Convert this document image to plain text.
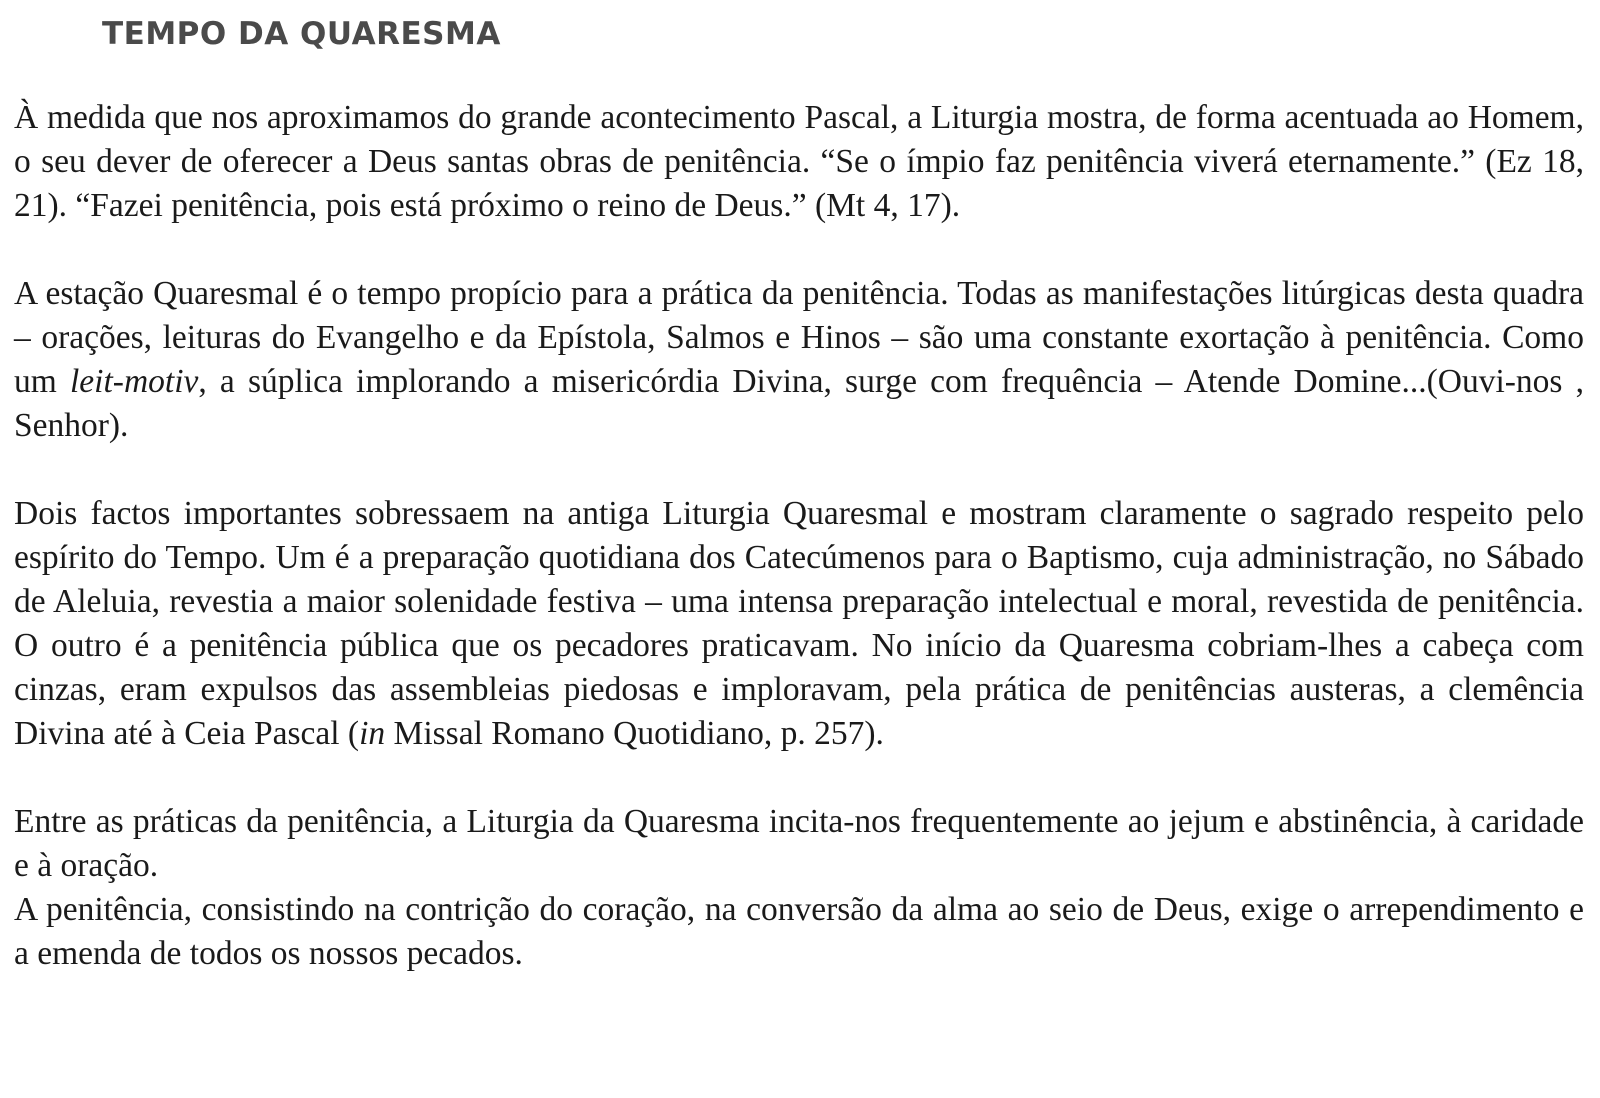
TEMPO DA QUARESMA

À medida que nos aproximamos do grande acontecimento Pascal, a Liturgia mostra, de forma acentuada ao Homem, o seu dever de oferecer a Deus santas obras de penitência. “Se o ímpio faz penitência viverá eternamente.” (Ez 18, 21). “Fazei penitência, pois está próximo o reino de Deus.” (Mt 4, 17).

A estação Quaresmal é o tempo propício para a prática da penitência. Todas as manifestações litúrgicas desta quadra – orações, leituras do Evangelho e da Epístola, Salmos e Hinos – são uma constante exortação à penitência. Como um leit-motiv, a súplica implorando a misericórdia Divina, surge com frequência – Atende Domine...(Ouvi-nos , Senhor).

Dois factos importantes sobressaem na antiga Liturgia Quaresmal e mostram claramente o sagrado respeito pelo espírito do Tempo. Um é a preparação quotidiana dos Catecúmenos para o Baptismo, cuja administração, no Sábado de Aleluia, revestia a maior solenidade festiva – uma intensa preparação intelectual e moral, revestida de penitência. O outro é a penitência pública que os pecadores praticavam. No início da Quaresma cobriam-lhes a cabeça com cinzas, eram expulsos das assembleias piedosas e imploravam, pela prática de penitências austeras, a clemência Divina até à Ceia Pascal (in Missal Romano Quotidiano, p. 257).

Entre as práticas da penitência, a Liturgia da Quaresma incita-nos frequentemente ao jejum e abstinência, à caridade e à oração.

A penitência, consistindo na contrição do coração, na conversão da alma ao seio de Deus, exige o arrependimento e a emenda de todos os nossos pecados.
